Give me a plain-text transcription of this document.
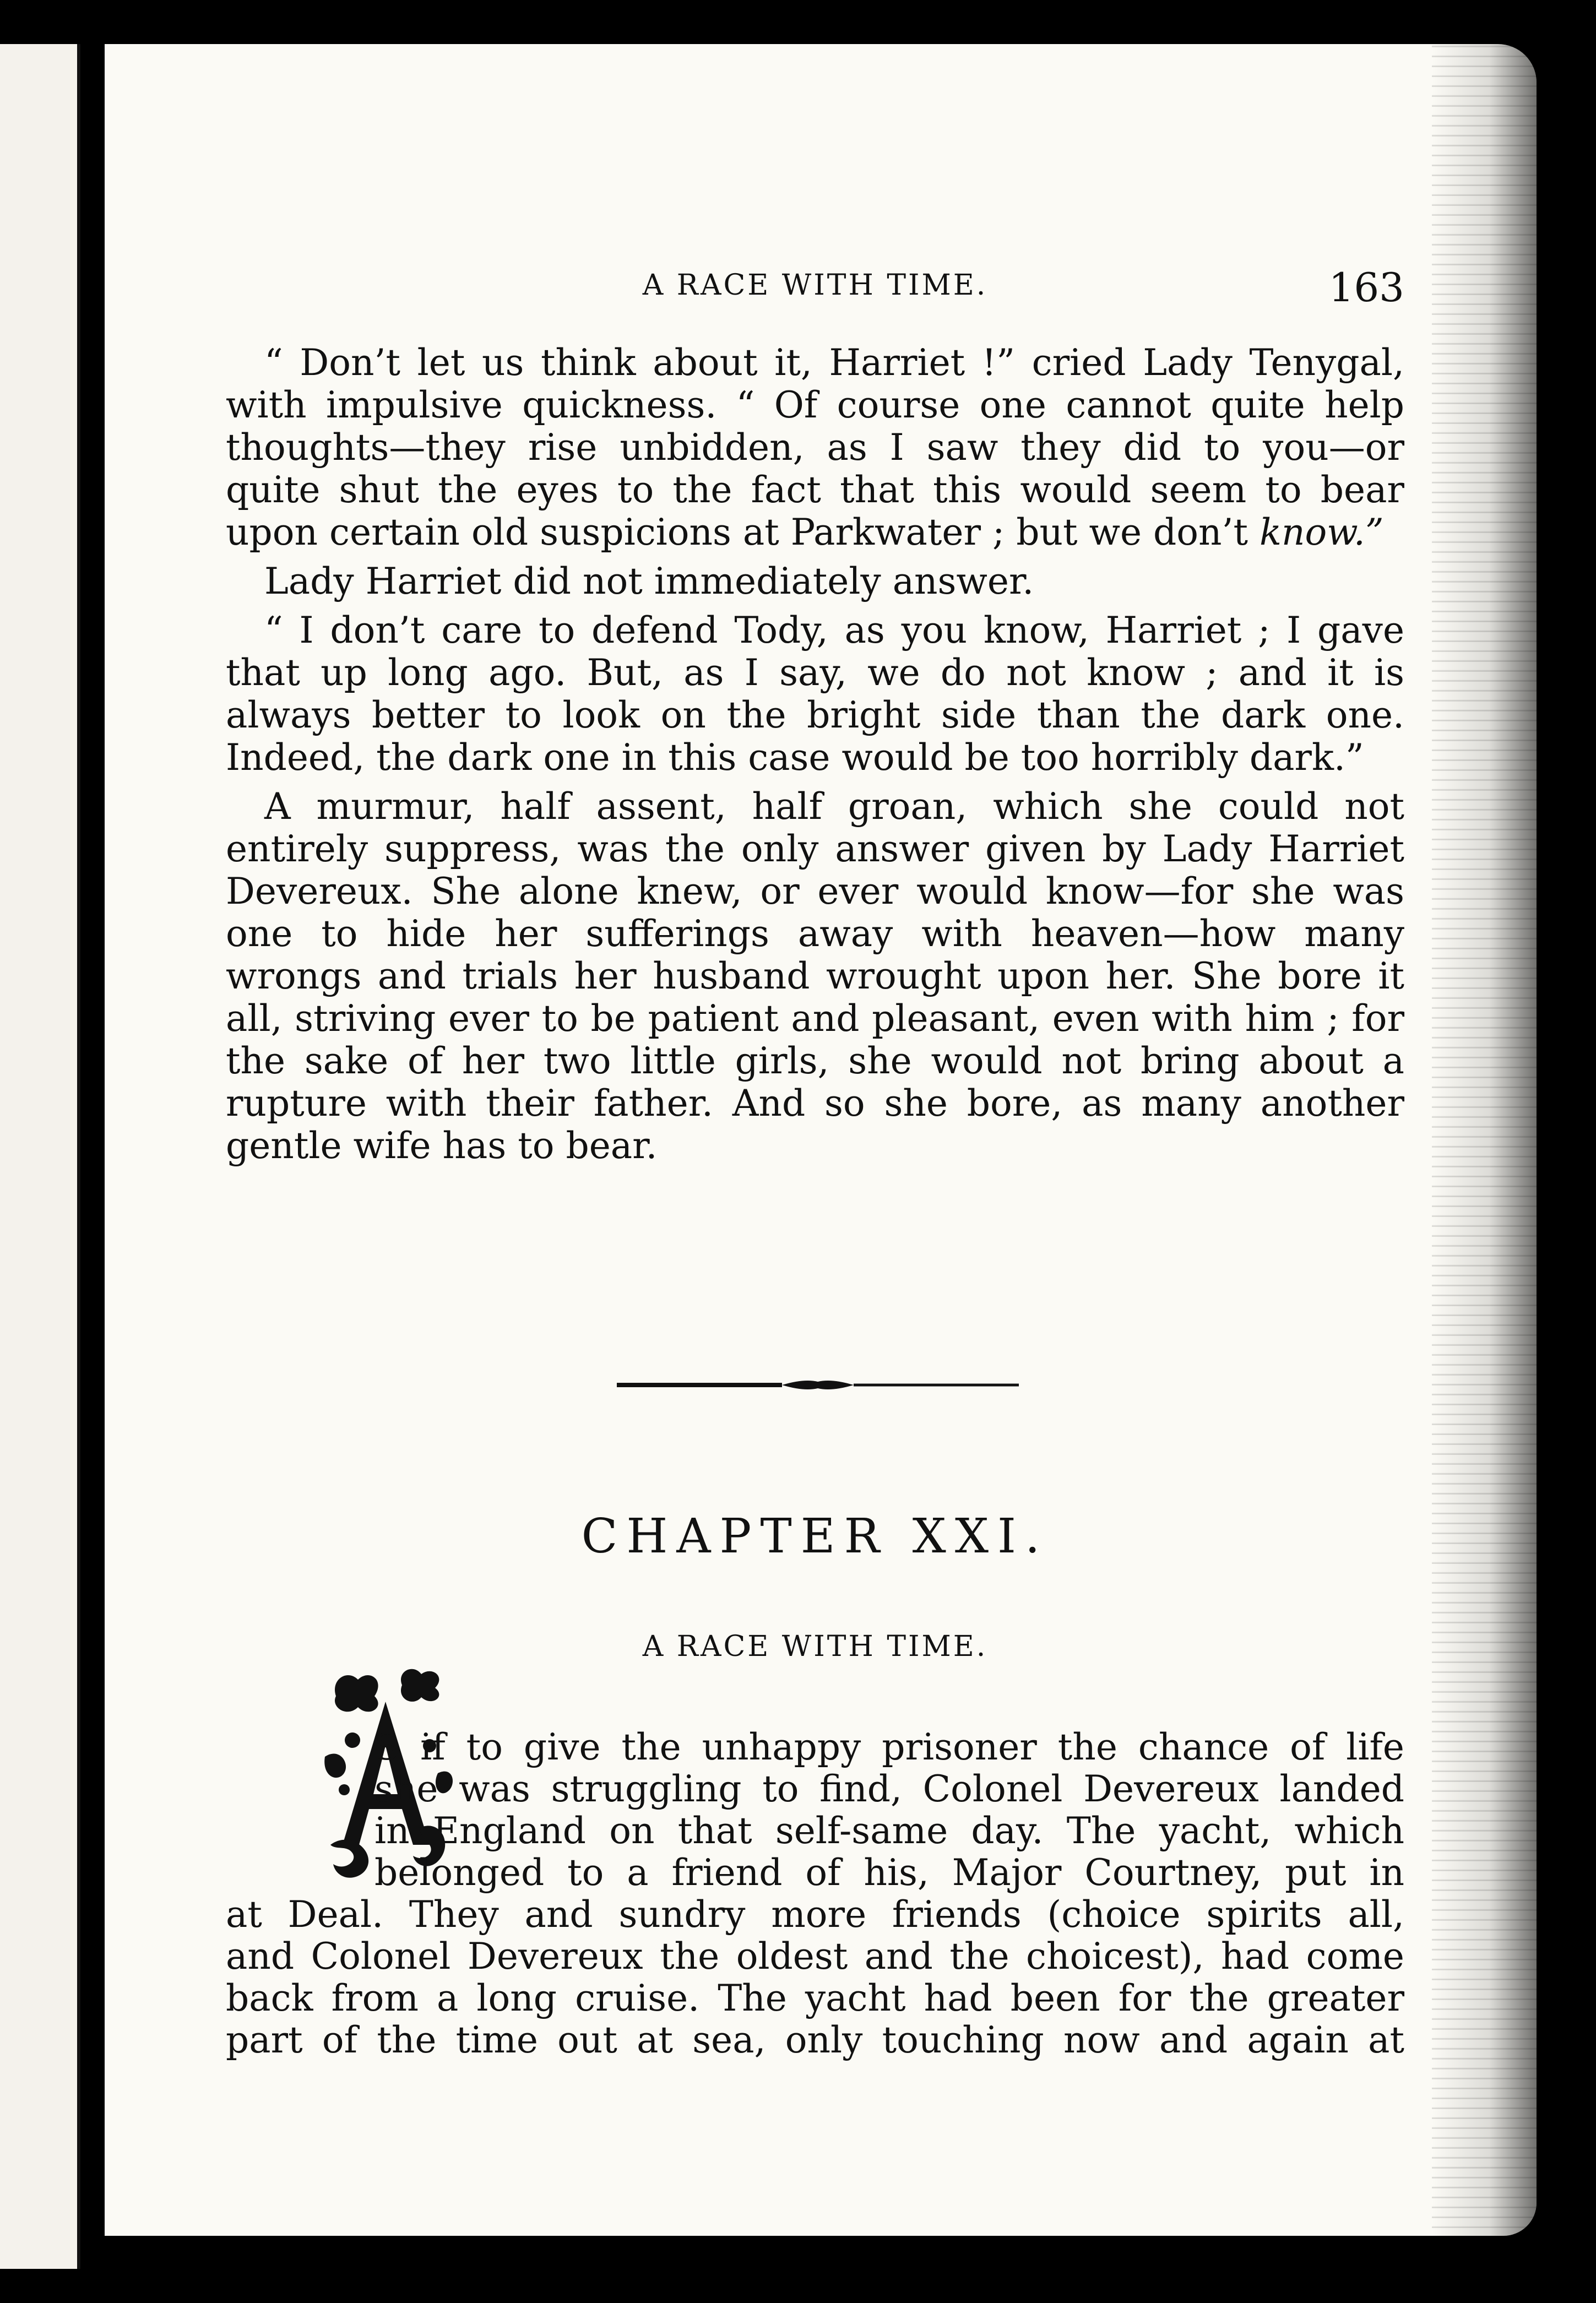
A RACE WITH TIME.	163

“ Don’t let us think about it, Harriet !” cried Lady Tenygal, with impulsive quickness. “ Of course one cannot quite help thoughts—they rise unbidden, as I saw they did to you—or quite shut the eyes to the fact that this would seem to bear upon certain old suspicions at Parkwater ; but we don’t know.”

Lady Harriet did not immediately answer.

“ I don’t care to defend Tody, as you know, Harriet ; I gave that up long ago. But, as I say, we do not know ; and it is always better to look on the bright side than the dark one. Indeed, the dark one in this case would be too horribly dark.”

A murmur, half assent, half groan, which she could not entirely suppress, was the only answer given by Lady Harriet Devereux. She alone knew, or ever would know—for she was one to hide her sufferings away with heaven—how many wrongs and trials her husband wrought upon her. She bore it all, striving ever to be patient and pleasant, even with him ; for the sake of her two little girls, she would not bring about a rupture with their father. And so she bore, as many another gentle wife has to bear.

CHAPTER XXI.
A RACE WITH TIME.
S if to give the unhappy prisoner the chance of life
she was struggling to find, Colonel Devereux landed
in England on that self-same day. The yacht, which
belonged to a friend of his, Major Courtney, put in
at Deal. They and sundry more friends (choice spirits all,
and Colonel Devereux the oldest and the choicest), had come
back from a long cruise. The yacht had been for the greater
part of the time out at sea, only touching now and again at
